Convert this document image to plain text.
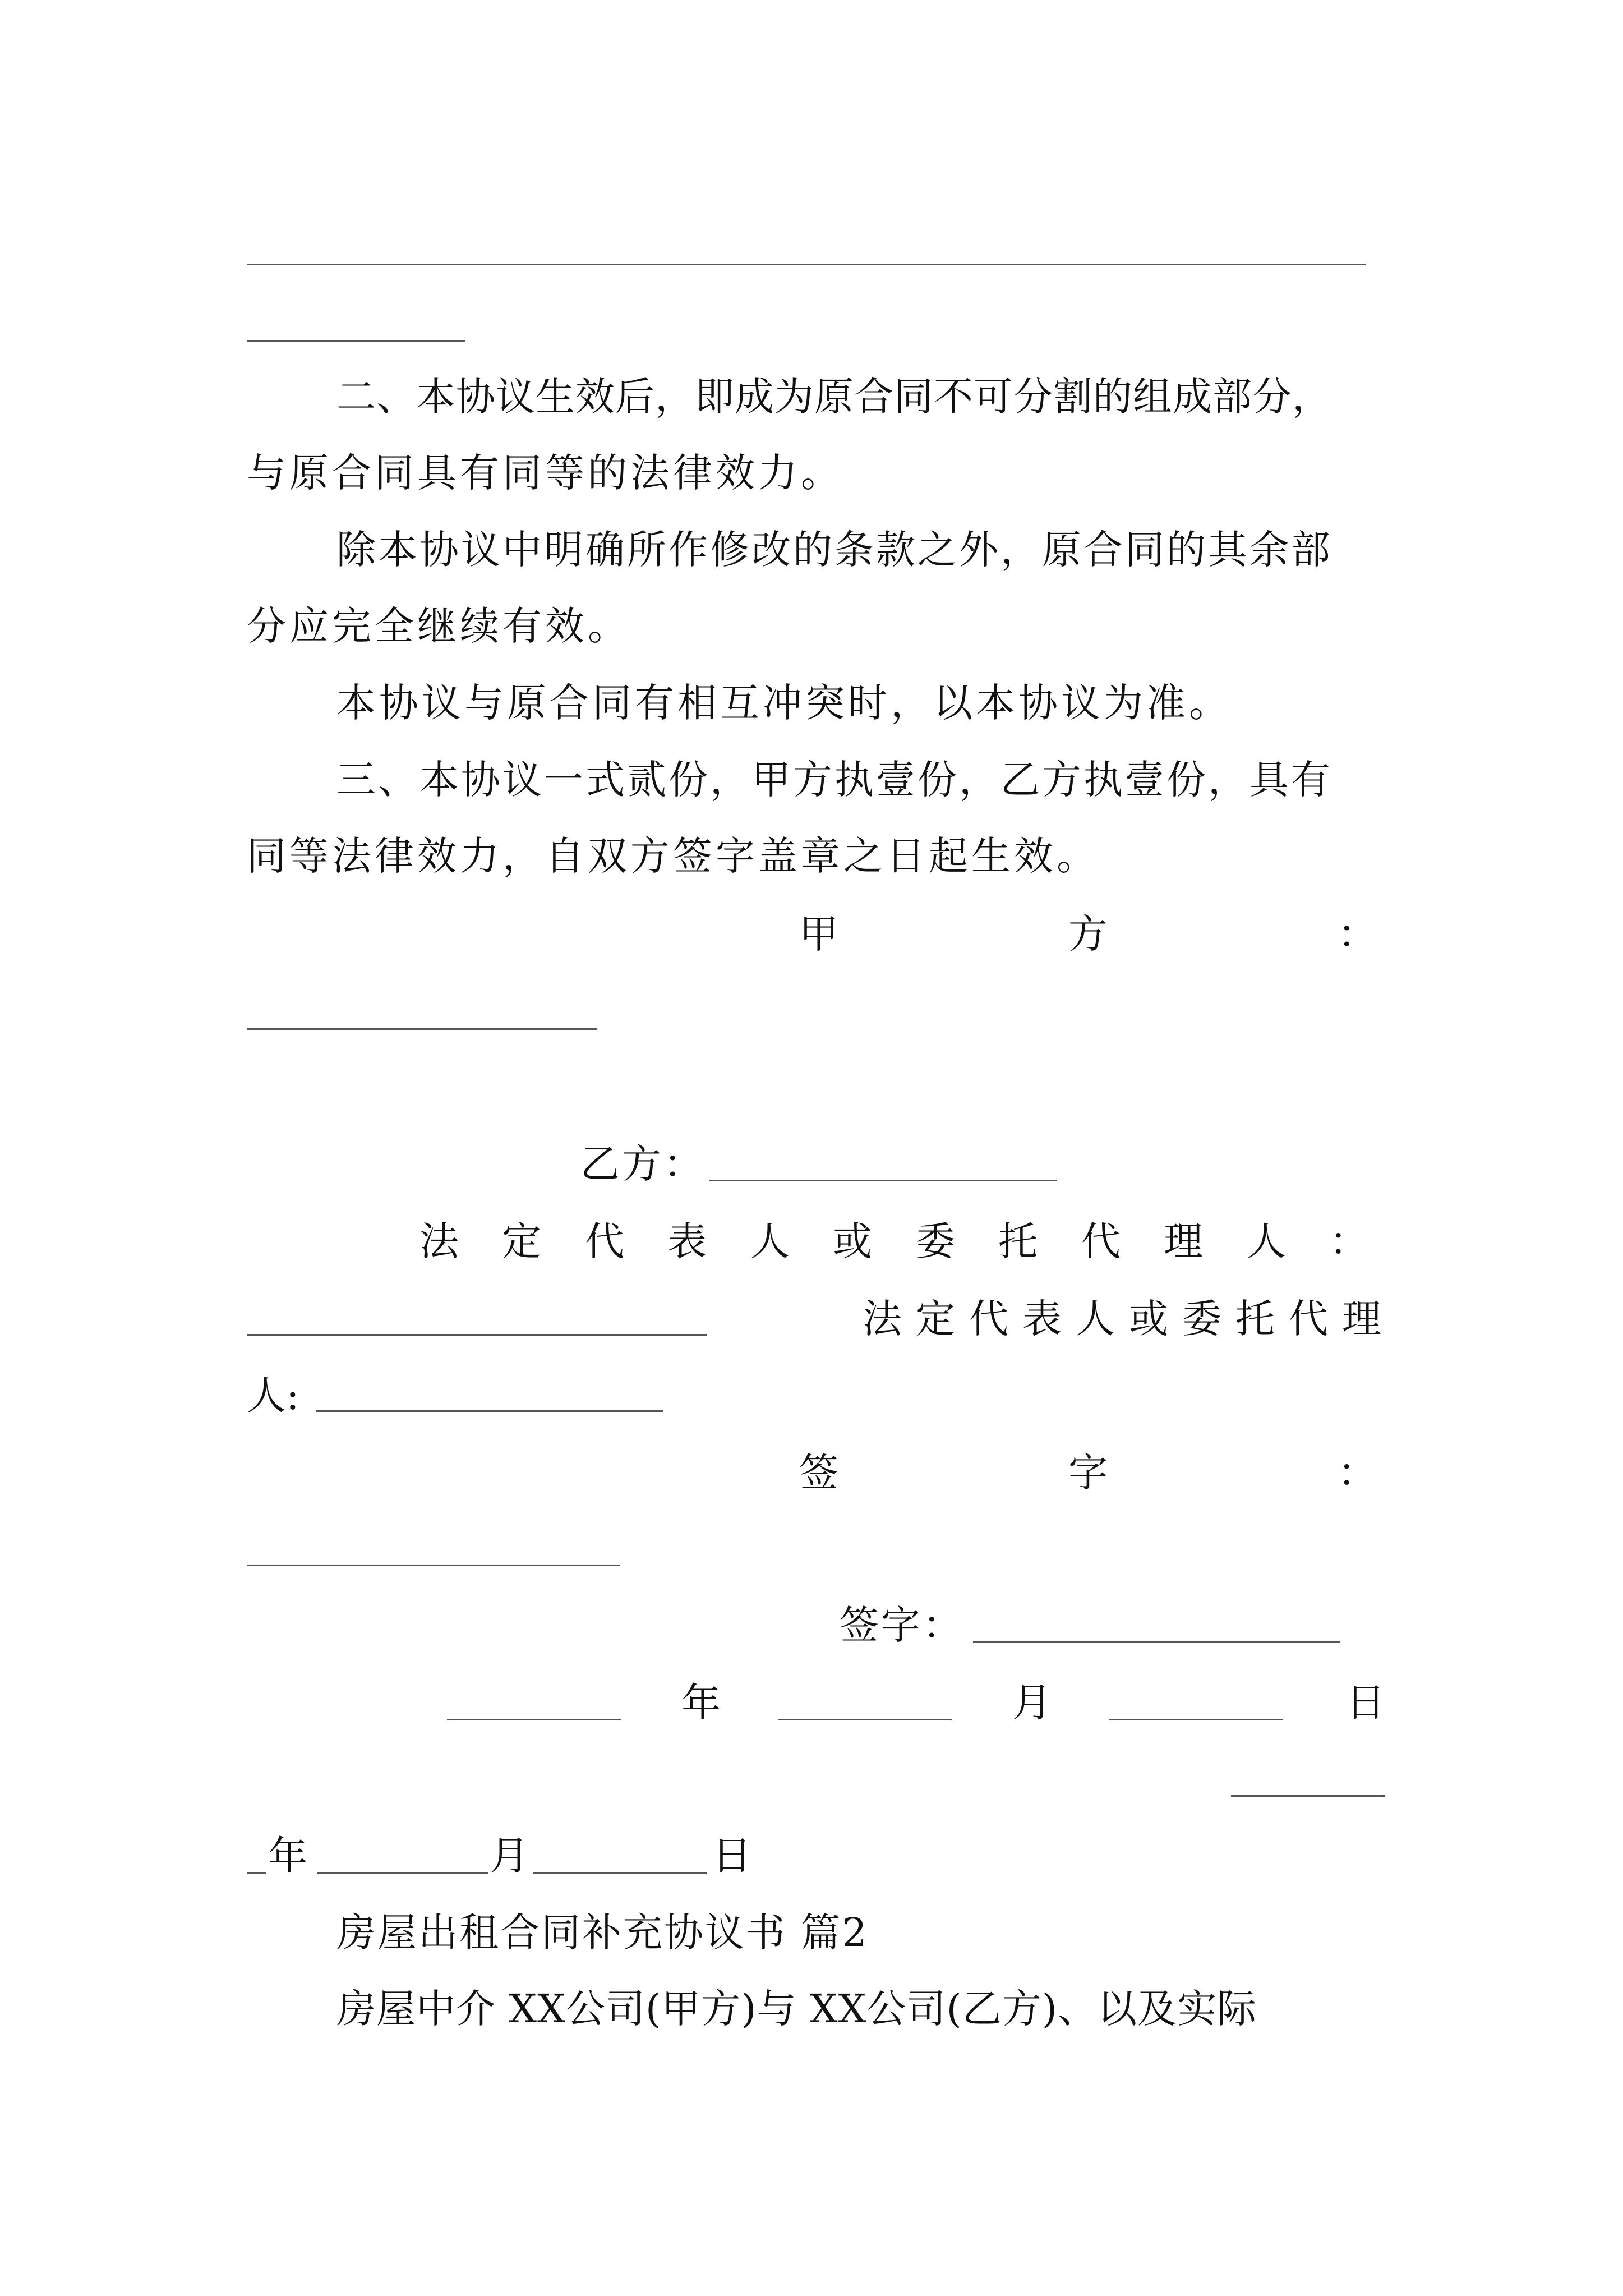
二、本协议生效后，即成为原合同不可分割的组成部分，
与原合同具有同等的法律效力。
除本协议中明确所作修改的条款之外，原合同的其余部
分应完全继续有效。
本协议与原合同有相互冲突时，以本协议为准。
三、本协议一式贰份，甲方执壹份，乙方执壹份，具有
同等法律效力，自双方签字盖章之日起生效。
甲	方	：
乙方：
法 定 代 表 人 或 委 托 代 理 人 ：
法定代表人或委托代理
人:
签	字	：
签字：
年	月	日
年	月	日
房屋出租合同补充协议书 篇2
房屋中介 XX公司(甲方)与 XX公司(乙方)、以及实际
